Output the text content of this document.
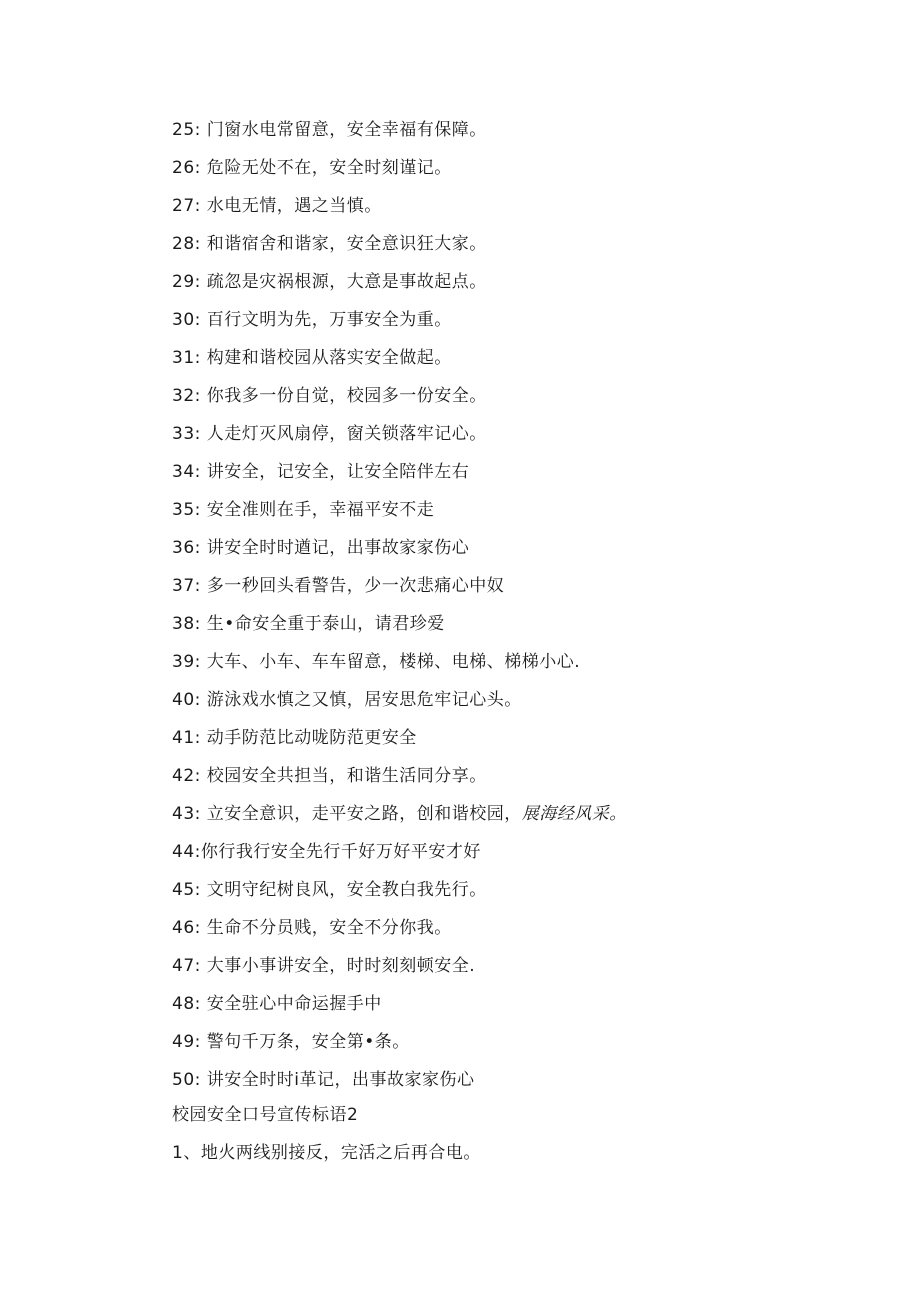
25: 门窗水电常留意，安全幸福有保障。
26: 危险无处不在，安全时刻谨记。
27: 水电无情，遇之当慎。
28: 和谐宿舍和谐家，安全意识狂大家。
29: 疏忽是灾祸根源，大意是事故起点。
30: 百行文明为先，万事安全为重。
31: 构建和谐校园从落实安全做起。
32: 你我多一份自觉，校园多一份安全。
33: 人走灯灭风扇停，窗关锁落牢记心。
34: 讲安全，记安全，让安全陪伴左右
35: 安全准则在手，幸福平安不走
36: 讲安全时时遒记，出事故家家伤心
37: 多一秒回头看警告，少一次悲痛心中奴
38: 生•命安全重于泰山，请君珍爱
39: 大车、小车、车车留意，楼梯、电梯、梯梯小心.
40: 游泳戏水慎之又慎，居安思危牢记心头。
41: 动手防范比动咙防范更安全
42: 校园安全共担当，和谐生活同分享。
43: 立安全意识，走平安之路，创和谐校园，展海经风采。
44:你行我行安全先行千好万好平安才好
45: 文明守纪树良风，安全教白我先行。
46: 生命不分员贱，安全不分你我。
47: 大事小事讲安全，时时刻刻顿安全.
48: 安全驻心中命运握手中
49: 警句千万条，安全第•条。
50: 讲安全时时i革记，出事故家家伤心
校园安全口号宣传标语2
1、地火两线别接反，完活之后再合电。
